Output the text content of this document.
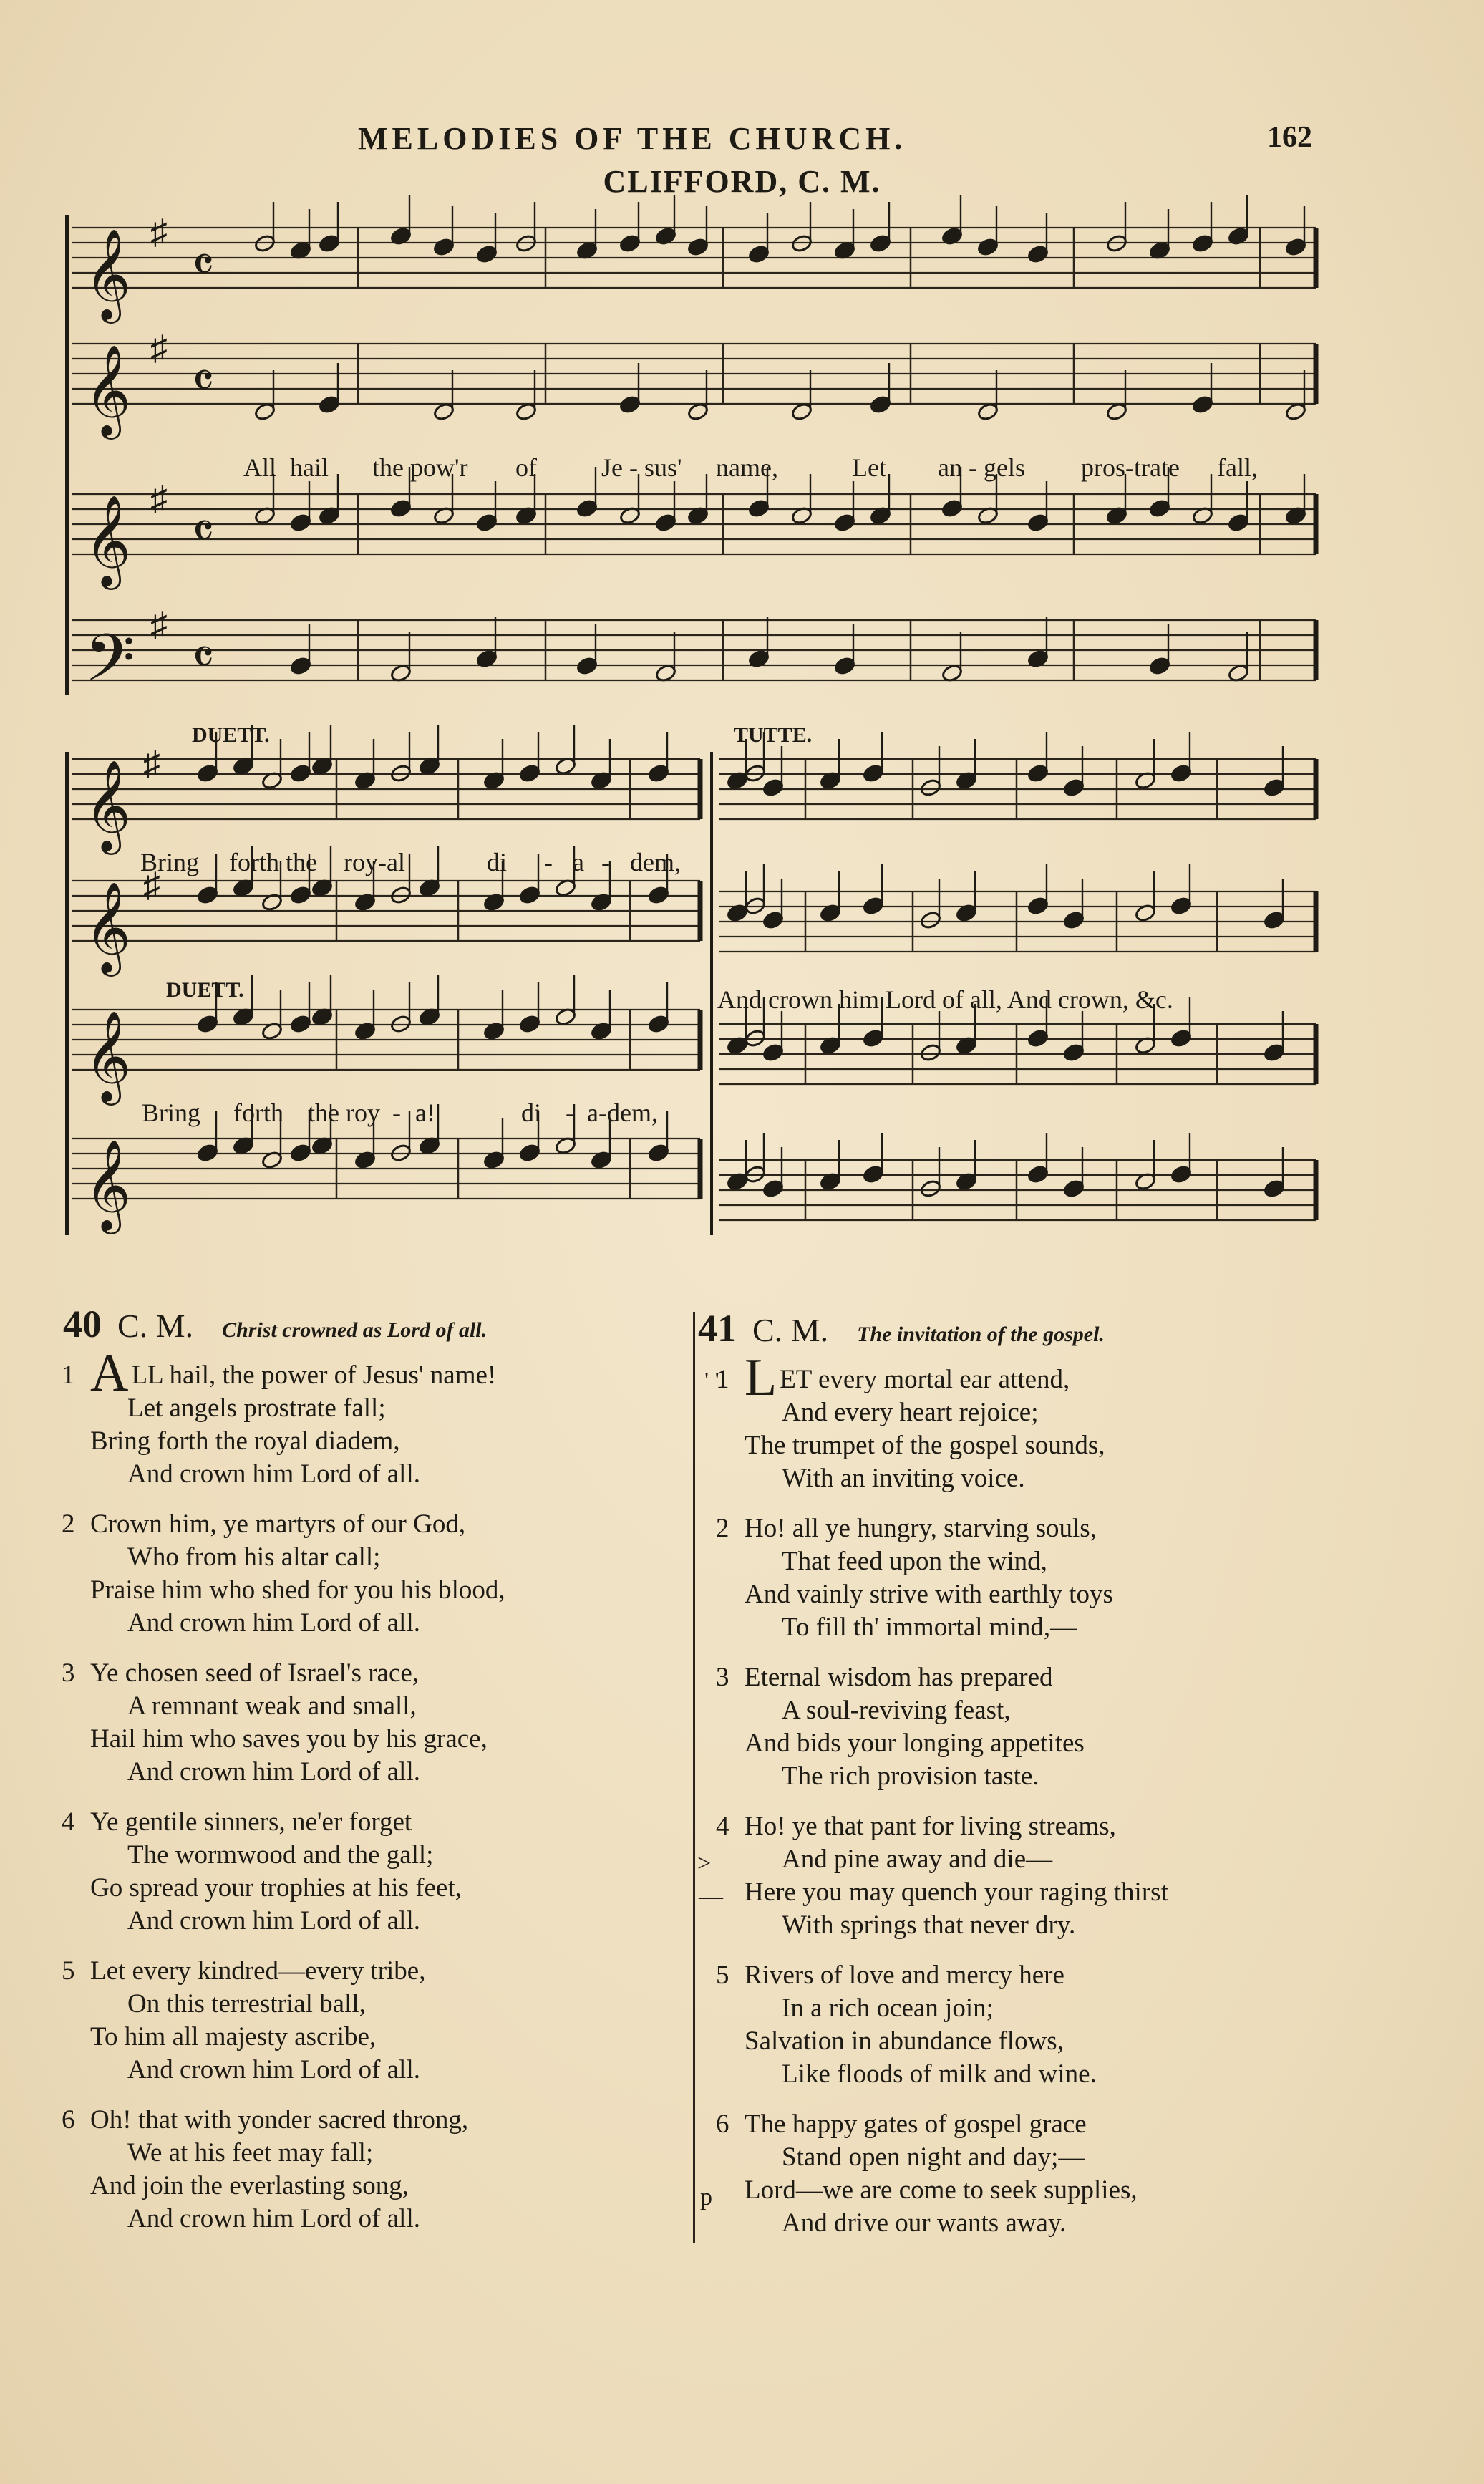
MELODIES OF THE CHURCH.	162
CLIFFORD, C. M.
𝄞 ♯
𝄴
𝄞 ♯
𝄴
𝄞 ♯
𝄴
𝄢 ♯
𝄴
All hail the pow'r of	Je - sus' name,	Let an - gels pros-trate fall,
DUETT.	TUTTE.
DUETT.
𝄞 ♯
𝄞 ♯
𝄞
𝄞
Bring forth the roy-al	di - a - dem,
Bring forth the roy - a!	di - a-dem,
And crown him Lord of all, And crown, &c.
40 C. M. Christ crowned as Lord of all.
1 A LL hail, the power of Jesus' name!
Let angels prostrate fall;
Bring forth the royal diadem,
And crown him Lord of all.
2 Crown him, ye martyrs of our God,
Who from his altar call;
Praise him who shed for you his blood,
And crown him Lord of all.
3 Ye chosen seed of Israel's race,
A remnant weak and small,
Hail him who saves you by his grace,
And crown him Lord of all.
4 Ye gentile sinners, ne'er forget
The wormwood and the gall;
Go spread your trophies at his feet,
And crown him Lord of all.
5 Let every kindred—every tribe,
On this terrestrial ball,
To him all majesty ascribe,
And crown him Lord of all.
6 Oh! that with yonder sacred throng,
We at his feet may fall;
And join the everlasting song,
And crown him Lord of all.
41 C. M. The invitation of the gospel.
1 L ET every mortal ear attend,
And every heart rejoice;
The trumpet of the gospel sounds,
With an inviting voice.
2 Ho! all ye hungry, starving souls,
That feed upon the wind,
And vainly strive with earthly toys
To fill th' immortal mind,—
3 Eternal wisdom has prepared
A soul-reviving feast,
And bids your longing appetites
The rich provision taste.
4 Ho! ye that pant for living streams,
And pine away and die—
Here you may quench your raging thirst
With springs that never dry.
5 Rivers of love and mercy here
In a rich ocean join;
Salvation in abundance flows,
Like floods of milk and wine.
6 The happy gates of gospel grace
Stand open night and day;—
Lord—we are come to seek supplies,
And drive our wants away.
' '
>
—
p
